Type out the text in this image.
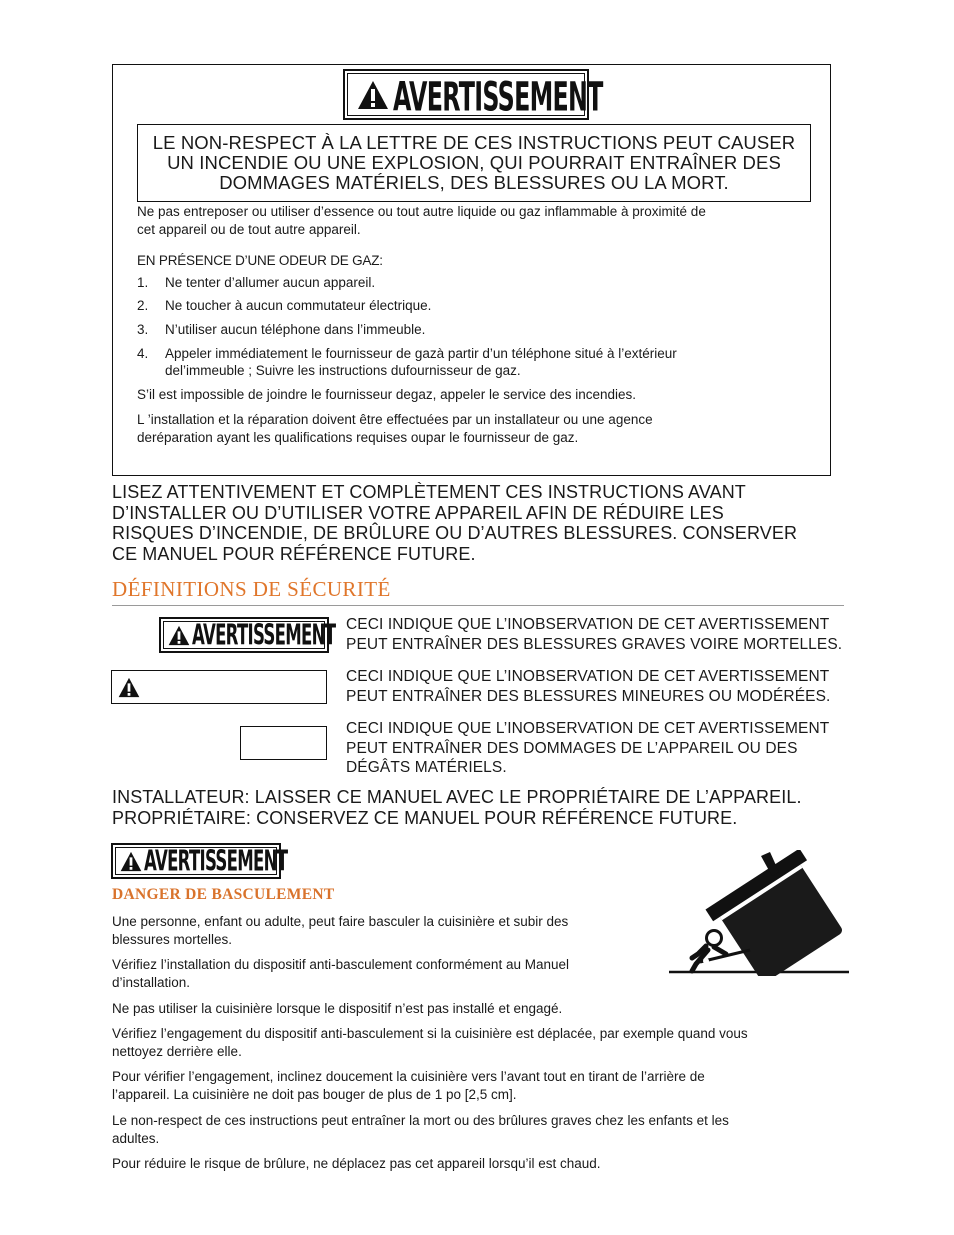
AVERTISSEMENT
LE NON-RESPECT À LA LETTRE DE CES INSTRUCTIONS PEUT CAUSER UN INCENDIE OU UNE EXPLOSION, QUI POURRAIT ENTRAÎNER DES DOMMAGES MATÉRIELS, DES BLESSURES OU LA MORT.
Ne pas entreposer ou utiliser d’essence ou tout autre liquide ou gaz inflammable à proximité de
cet appareil ou de tout autre appareil.
EN PRÉSENCE D’UNE ODEUR DE GAZ:
1. Ne tenter d’allumer aucun appareil.
2. Ne toucher à aucun commutateur électrique.
3. N’utiliser aucun téléphone dans l’immeuble.
4. Appeler immédiatement le fournisseur de gazà partir d’un téléphone situé à l’extérieur
del’immeuble ; Suivre les instructions dufournisseur de gaz.
S’il est impossible de joindre le fournisseur degaz, appeler le service des incendies.
L ’installation et la réparation doivent être effectuées par un installateur ou une agence
deréparation ayant les qualifications requises oupar le fournisseur de gaz.
LISEZ ATTENTIVEMENT ET COMPLÈTEMENT CES INSTRUCTIONS AVANT
D’INSTALLER OU D’UTILISER VOTRE APPAREIL AFIN DE RÉDUIRE LES
RISQUES D’INCENDIE, DE BRÛLURE OU D’AUTRES BLESSURES. CONSERVER
CE MANUEL POUR RÉFÉRENCE FUTURE.
DÉFINITIONS DE SÉCURITÉ
AVERTISSEMENT CECI INDIQUE QUE L’INOBSERVATION DE CET AVERTISSEMENT
PEUT ENTRAÎNER DES BLESSURES GRAVES VOIRE MORTELLES.
CECI INDIQUE QUE L’INOBSERVATION DE CET AVERTISSEMENT
PEUT ENTRAÎNER DES BLESSURES MINEURES OU MODÉRÉES.
CECI INDIQUE QUE L’INOBSERVATION DE CET AVERTISSEMENT
PEUT ENTRAÎNER DES DOMMAGES DE L’APPAREIL OU DES
DÉGÂTS MATÉRIELS.
INSTALLATEUR: LAISSER CE MANUEL AVEC LE PROPRIÉTAIRE DE L’APPAREIL.
PROPRIÉTAIRE: CONSERVEZ CE MANUEL POUR RÉFÉRENCE FUTURE.
AVERTISSEMENT
DANGER DE BASCULEMENT
Une personne, enfant ou adulte, peut faire basculer la cuisinière et subir des
blessures mortelles.
Vérifiez l’installation du dispositif anti-basculement conformément au Manuel
d’installation.
Ne pas utiliser la cuisinière lorsque le dispositif n’est pas installé et engagé.
Vérifiez l’engagement du dispositif anti-basculement si la cuisinière est déplacée, par exemple quand vous
nettoyez derrière elle.
Pour vérifier l’engagement, inclinez doucement la cuisinière vers l’avant tout en tirant de l’arrière de
l’appareil. La cuisinière ne doit pas bouger de plus de 1 po [2,5 cm].
Le non-respect de ces instructions peut entraîner la mort ou des brûlures graves chez les enfants et les
adultes.
Pour réduire le risque de brûlure, ne déplacez pas cet appareil lorsqu’il est chaud.
